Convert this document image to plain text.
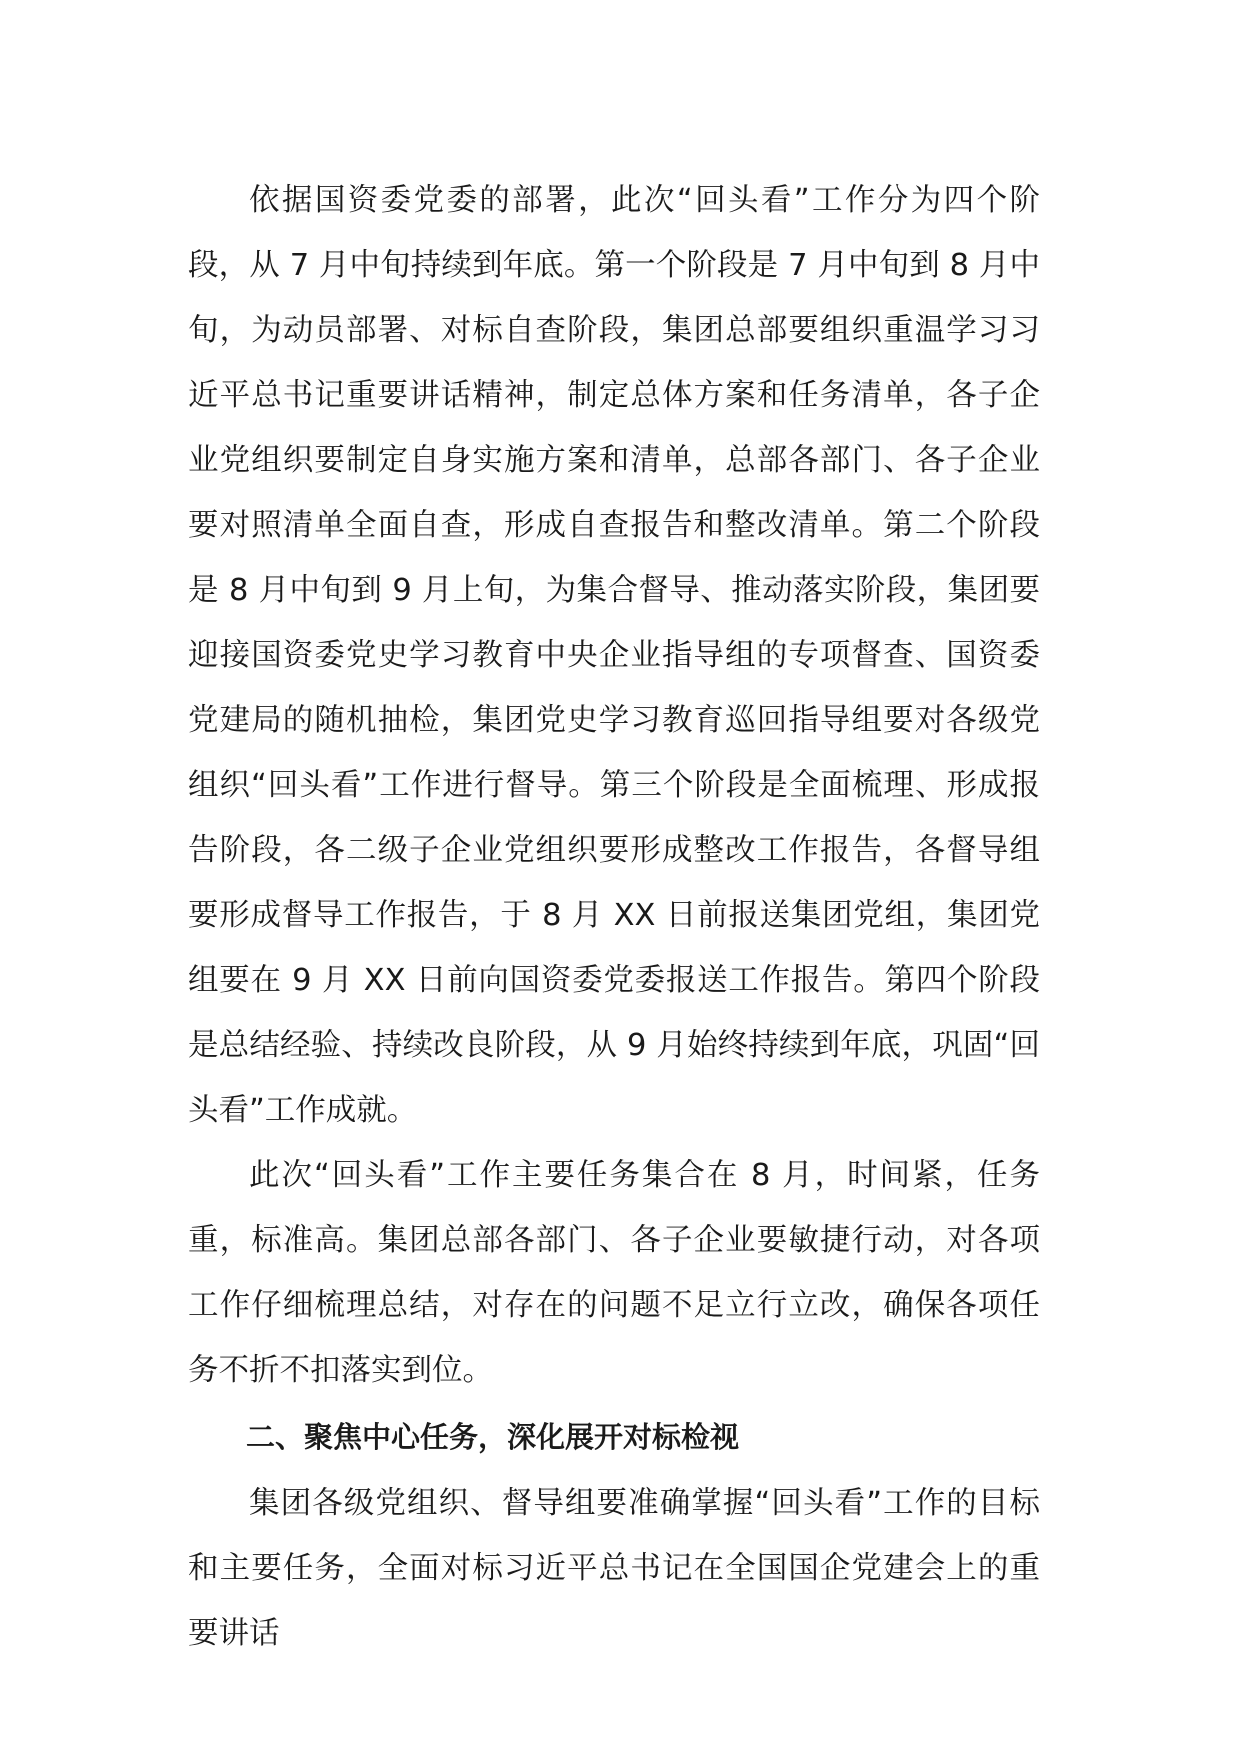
依据国资委党委的部署，此次“回头看”工作分为四个阶段，从 7 月中旬持续到年底。第一个阶段是 7 月中旬到 8 月中旬，为动员部署、对标自查阶段，集团总部要组织重温学习习近平总书记重要讲话精神，制定总体方案和任务清单，各子企业党组织要制定自身实施方案和清单，总部各部门、各子企业要对照清单全面自查，形成自查报告和整改清单。第二个阶段是 8 月中旬到 9 月上旬，为集合督导、推动落实阶段，集团要迎接国资委党史学习教育中央企业指导组的专项督查、国资委党建局的随机抽检，集团党史学习教育巡回指导组要对各级党组织“回头看”工作进行督导。第三个阶段是全面梳理、形成报告阶段，各二级子企业党组织要形成整改工作报告，各督导组要形成督导工作报告，于 8 月 XX 日前报送集团党组，集团党组要在 9 月 XX 日前向国资委党委报送工作报告。第四个阶段是总结经验、持续改良阶段，从 9 月始终持续到年底，巩固“回头看”工作成就。

此次“回头看”工作主要任务集合在 8 月，时间紧，任务重，标准高。集团总部各部门、各子企业要敏捷行动，对各项工作仔细梳理总结，对存在的问题不足立行立改，确保各项任务不折不扣落实到位。

二、聚焦中心任务，深化展开对标检视

集团各级党组织、督导组要准确掌握“回头看”工作的目标和主要任务，全面对标习近平总书记在全国国企党建会上的重要讲话
